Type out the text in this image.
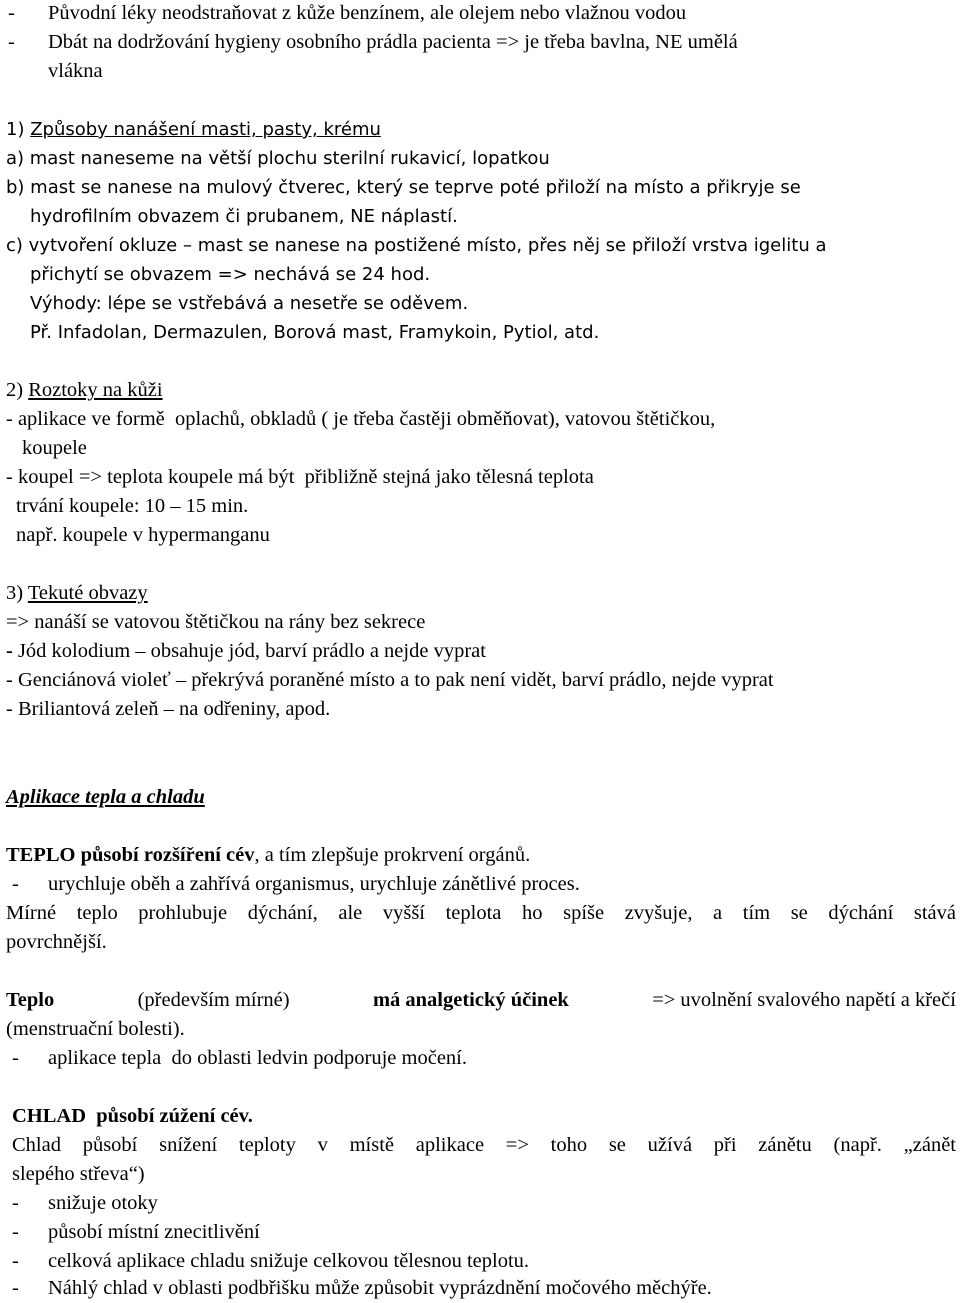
- Původní léky neodstraňovat z kůže benzínem, ale olejem nebo vlažnou vodou
- Dbát na dodržování hygieny osobního prádla pacienta => je třeba bavlna, NE umělá
vlákna
1) Způsoby nanášení masti, pasty, krému
a) mast naneseme na větší plochu sterilní rukavicí, lopatkou
b) mast se nanese na mulový čtverec, který se teprve poté přiloží na místo a přikryje se
hydrofilním obvazem či prubanem, NE náplastí.
c) vytvoření okluze – mast se nanese na postižené místo, přes něj se přiloží vrstva igelitu a
přichytí se obvazem => nechává se 24 hod.
Výhody: lépe se vstřebává a nesetře se oděvem.
Př. Infadolan, Dermazulen, Borová mast, Framykoin, Pytiol, atd.
2) Roztoky na kůži
- aplikace ve formě  oplachů, obkladů ( je třeba častěji obměňovat), vatovou štětičkou,
koupele
- koupel => teplota koupele má být  přibližně stejná jako tělesná teplota
trvání koupele: 10 – 15 min.
např. koupele v hypermanganu
3) Tekuté obvazy
=> nanáší se vatovou štětičkou na rány bez sekrece
- Jód kolodium – obsahuje jód, barví prádlo a nejde vyprat
- Genciánová violeť – překrývá poraněné místo a to pak není vidět, barví prádlo, nejde vyprat
- Briliantová zeleň – na odřeniny, apod.
Aplikace tepla a chladu
TEPLO působí rozšíření cév, a tím zlepšuje prokrvení orgánů.
- urychluje oběh a zahřívá organismus, urychluje zánětlivé proces.
Mírné teplo prohlubuje dýchání, ale vyšší teplota ho spíše zvyšuje, a tím se dýchání stává
povrchnější.
Teplo	(především mírné)	má analgetický účinek	=> uvolnění svalového napětí a křečí
(menstruační bolesti).
- aplikace tepla  do oblasti ledvin podporuje močení.
CHLAD  působí zúžení cév.
Chlad působí snížení teploty v místě aplikace => toho se užívá při zánětu (např. „zánět
slepého střeva“)
- snižuje otoky
- působí místní znecitlivění
- celková aplikace chladu snižuje celkovou tělesnou teplotu.
- Náhlý chlad v oblasti podbřišku může způsobit vyprázdnění močového měchýře.
